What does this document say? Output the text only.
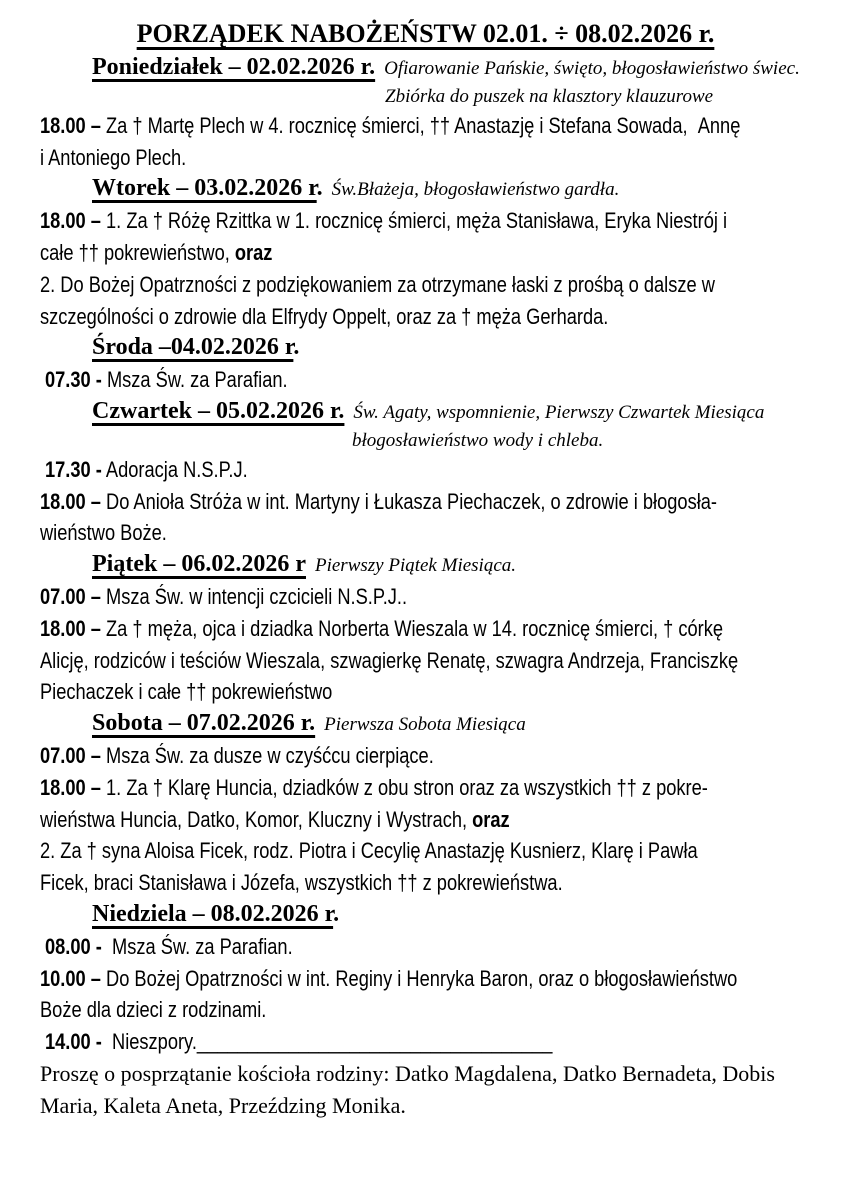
PORZĄDEK NABOŻEŃSTW 02.01. ÷ 08.02.2026 r.
Poniedziałek – 02.02.2026 r. Ofiarowanie Pańskie, święto, błogosławieństwo świec.
Zbiórka do puszek na klasztory klauzurowe
18.00 – Za † Martę Plech w 4. rocznicę śmierci, †† Anastazję i Stefana Sowada,  Annę
i Antoniego Plech.
Wtorek – 03.02.2026 r. Św.Błażeja, błogosławieństwo gardła.
18.00 – 1. Za † Różę Rzittka w 1. rocznicę śmierci, męża Stanisława, Eryka Niestrój i
całe †† pokrewieństwo, oraz
2. Do Bożej Opatrzności z podziękowaniem za otrzymane łaski z prośbą o dalsze w
szczególności o zdrowie dla Elfrydy Oppelt, oraz za † męża Gerharda.
Środa –04.02.2026 r.
07.30 - Msza Św. za Parafian.
Czwartek – 05.02.2026 r. Św. Agaty, wspomnienie, Pierwszy Czwartek Miesiąca
błogosławieństwo wody i chleba.
17.30 - Adoracja N.S.P.J.
18.00 – Do Anioła Stróża w int. Martyny i Łukasza Piechaczek, o zdrowie i błogosła-
wieństwo Boże.
Piątek – 06.02.2026 r Pierwszy Piątek Miesiąca.
07.00 – Msza Św. w intencji czcicieli N.S.P.J..
18.00 – Za † męża, ojca i dziadka Norberta Wieszala w 14. rocznicę śmierci, † córkę
Alicję, rodziców i teściów Wieszala, szwagierkę Renatę, szwagra Andrzeja, Franciszkę
Piechaczek i całe †† pokrewieństwo
Sobota – 07.02.2026 r. Pierwsza Sobota Miesiąca
07.00 – Msza Św. za dusze w czyśćcu cierpiące.
18.00 – 1. Za † Klarę Huncia, dziadków z obu stron oraz za wszystkich †† z pokre-
wieństwa Huncia, Datko, Komor, Kluczny i Wystrach, oraz
2. Za † syna Aloisa Ficek, rodz. Piotra i Cecylię Anastazję Kusnierz, Klarę i Pawła
Ficek, braci Stanisława i Józefa, wszystkich †† z pokrewieństwa.
Niedziela – 08.02.2026 r.
08.00 -  Msza Św. za Parafian.
10.00 – Do Bożej Opatrzności w int. Reginy i Henryka Baron, oraz o błogosławieństwo
Boże dla dzieci z rodzinami.
14.00 -  Nieszpory.___________________________________
Proszę o posprzątanie kościoła rodziny: Datko Magdalena, Datko Bernadeta, Dobis
Maria, Kaleta Aneta, Przeździng Monika.
